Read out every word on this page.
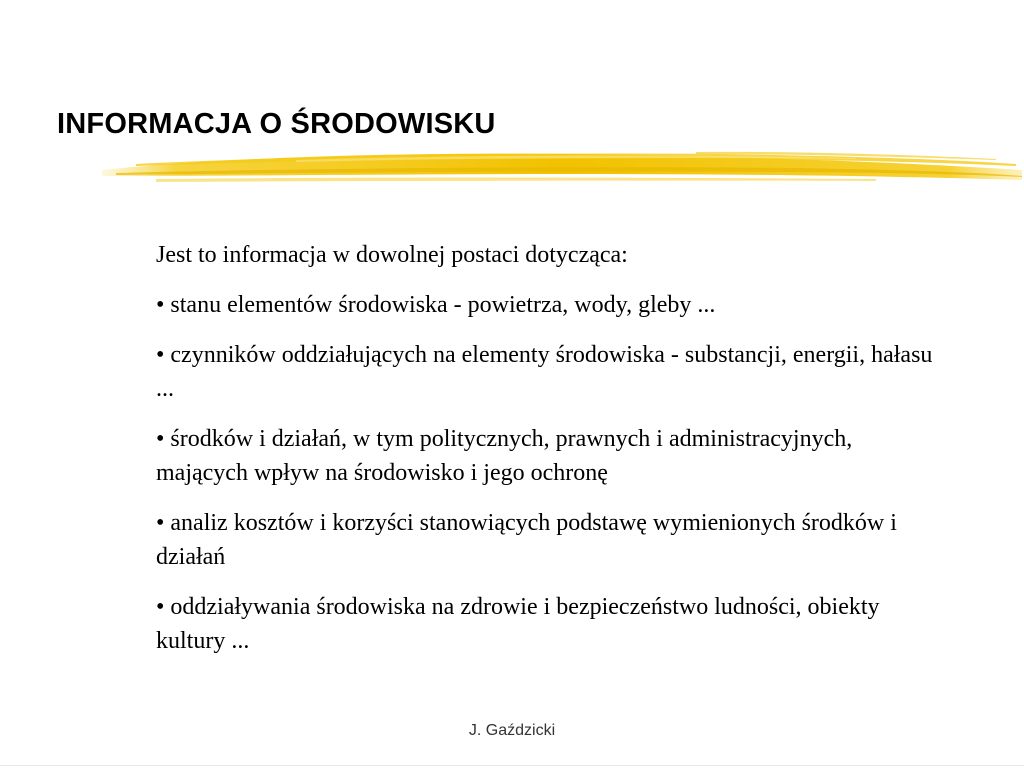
INFORMACJA O ŚRODOWISKU

Jest to informacja w dowolnej postaci dotycząca:

• stanu elementów środowiska - powietrza, wody, gleby ...

• czynników oddziałujących na elementy środowiska - substancji, energii, hałasu ...

• środków i działań, w tym politycznych, prawnych i administracyjnych, mających wpływ na środowisko i jego ochronę

• analiz kosztów i korzyści stanowiących podstawę wymienionych środków i działań

• oddziaływania środowiska na zdrowie i bezpieczeństwo ludności, obiekty kultury ...

J. Gaździcki
